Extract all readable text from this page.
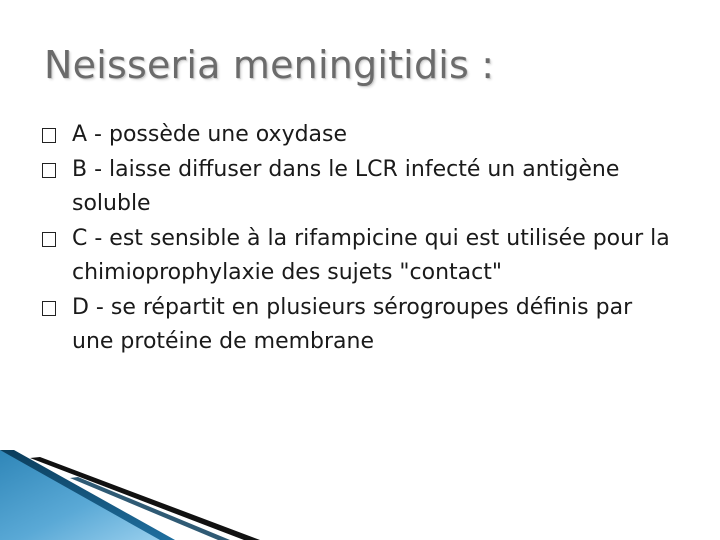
Neisseria meningitidis :
A - possède une oxydase
B - laisse diffuser dans le LCR infecté un antigène soluble
C - est sensible à la rifampicine qui est utilisée pour la chimioprophylaxie des sujets "contact"
D - se répartit en plusieurs sérogroupes définis par une protéine de membrane
